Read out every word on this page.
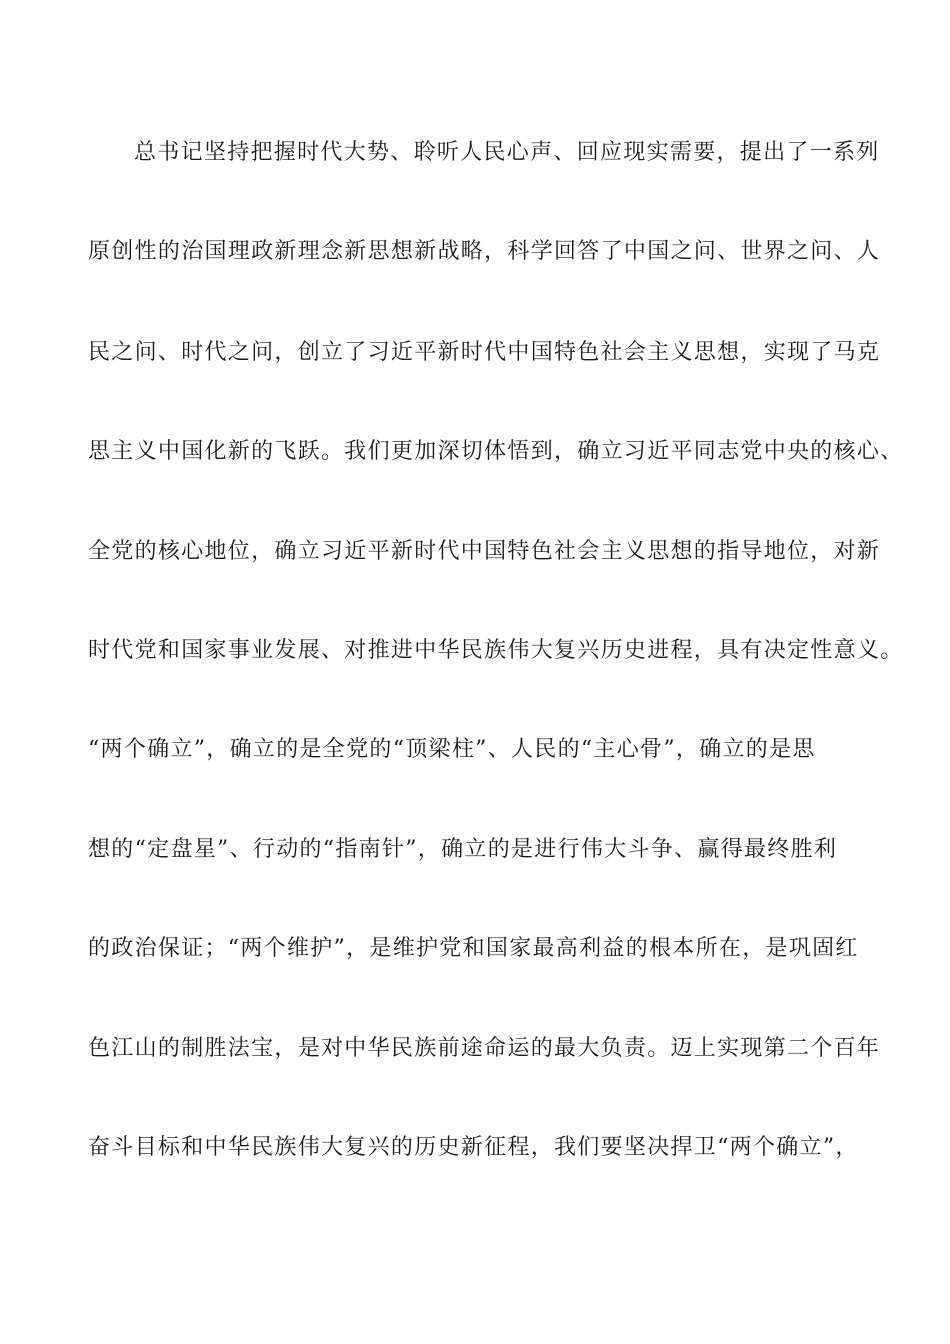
总书记坚持把握时代大势、聆听人民心声、回应现实需要，提出了一系列
原创性的治国理政新理念新思想新战略，科学回答了中国之问、世界之问、人
民之问、时代之问，创立了习近平新时代中国特色社会主义思想，实现了马克
思主义中国化新的飞跃。我们更加深切体悟到，确立习近平同志党中央的核心、
全党的核心地位，确立习近平新时代中国特色社会主义思想的指导地位，对新
时代党和国家事业发展、对推进中华民族伟大复兴历史进程，具有决定性意义。
“两个确立”，确立的是全党的“顶梁柱”、人民的“主心骨”，确立的是思
想的“定盘星”、行动的“指南针”，确立的是进行伟大斗争、赢得最终胜利
的政治保证；“两个维护”，是维护党和国家最高利益的根本所在，是巩固红
色江山的制胜法宝，是对中华民族前途命运的最大负责。迈上实现第二个百年
奋斗目标和中华民族伟大复兴的历史新征程，我们要坚决捍卫“两个确立”，
